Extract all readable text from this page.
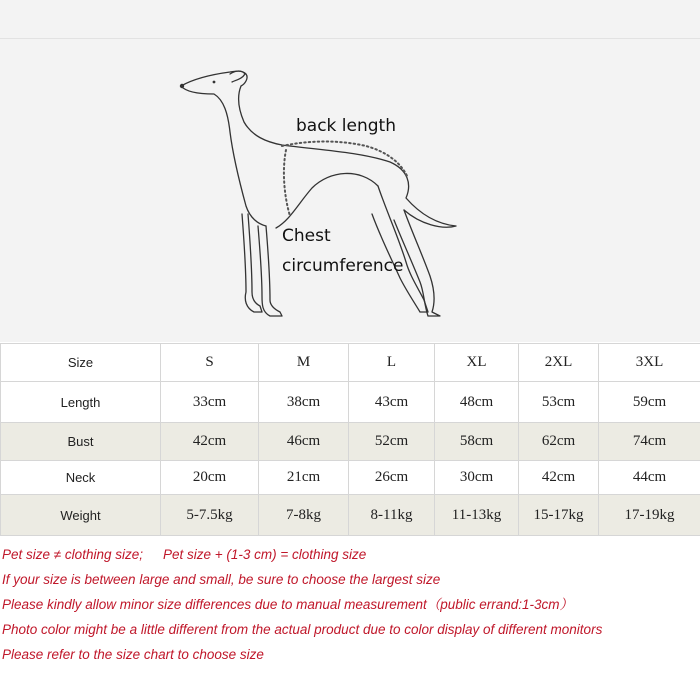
back length
Chest
circumference
Size	S	M	L	XL	2XL	3XL
Length	33cm	38cm	43cm	48cm	53cm	59cm
Bust	42cm	46cm	52cm	58cm	62cm	74cm
Neck	20cm	21cm	26cm	30cm	42cm	44cm
Weight	5-7.5kg	7-8kg	8-11kg	11-13kg	15-17kg	17-19kg
Pet size ≠ clothing size; Pet size + (1-3 cm) = clothing size
If your size is between large and small, be sure to choose the largest size
Please kindly allow minor size differences due to manual measurement（public errand:1-3cm）
Photo color might be a little different from the actual product due to color display of different monitors
Please refer to the size chart to choose size
